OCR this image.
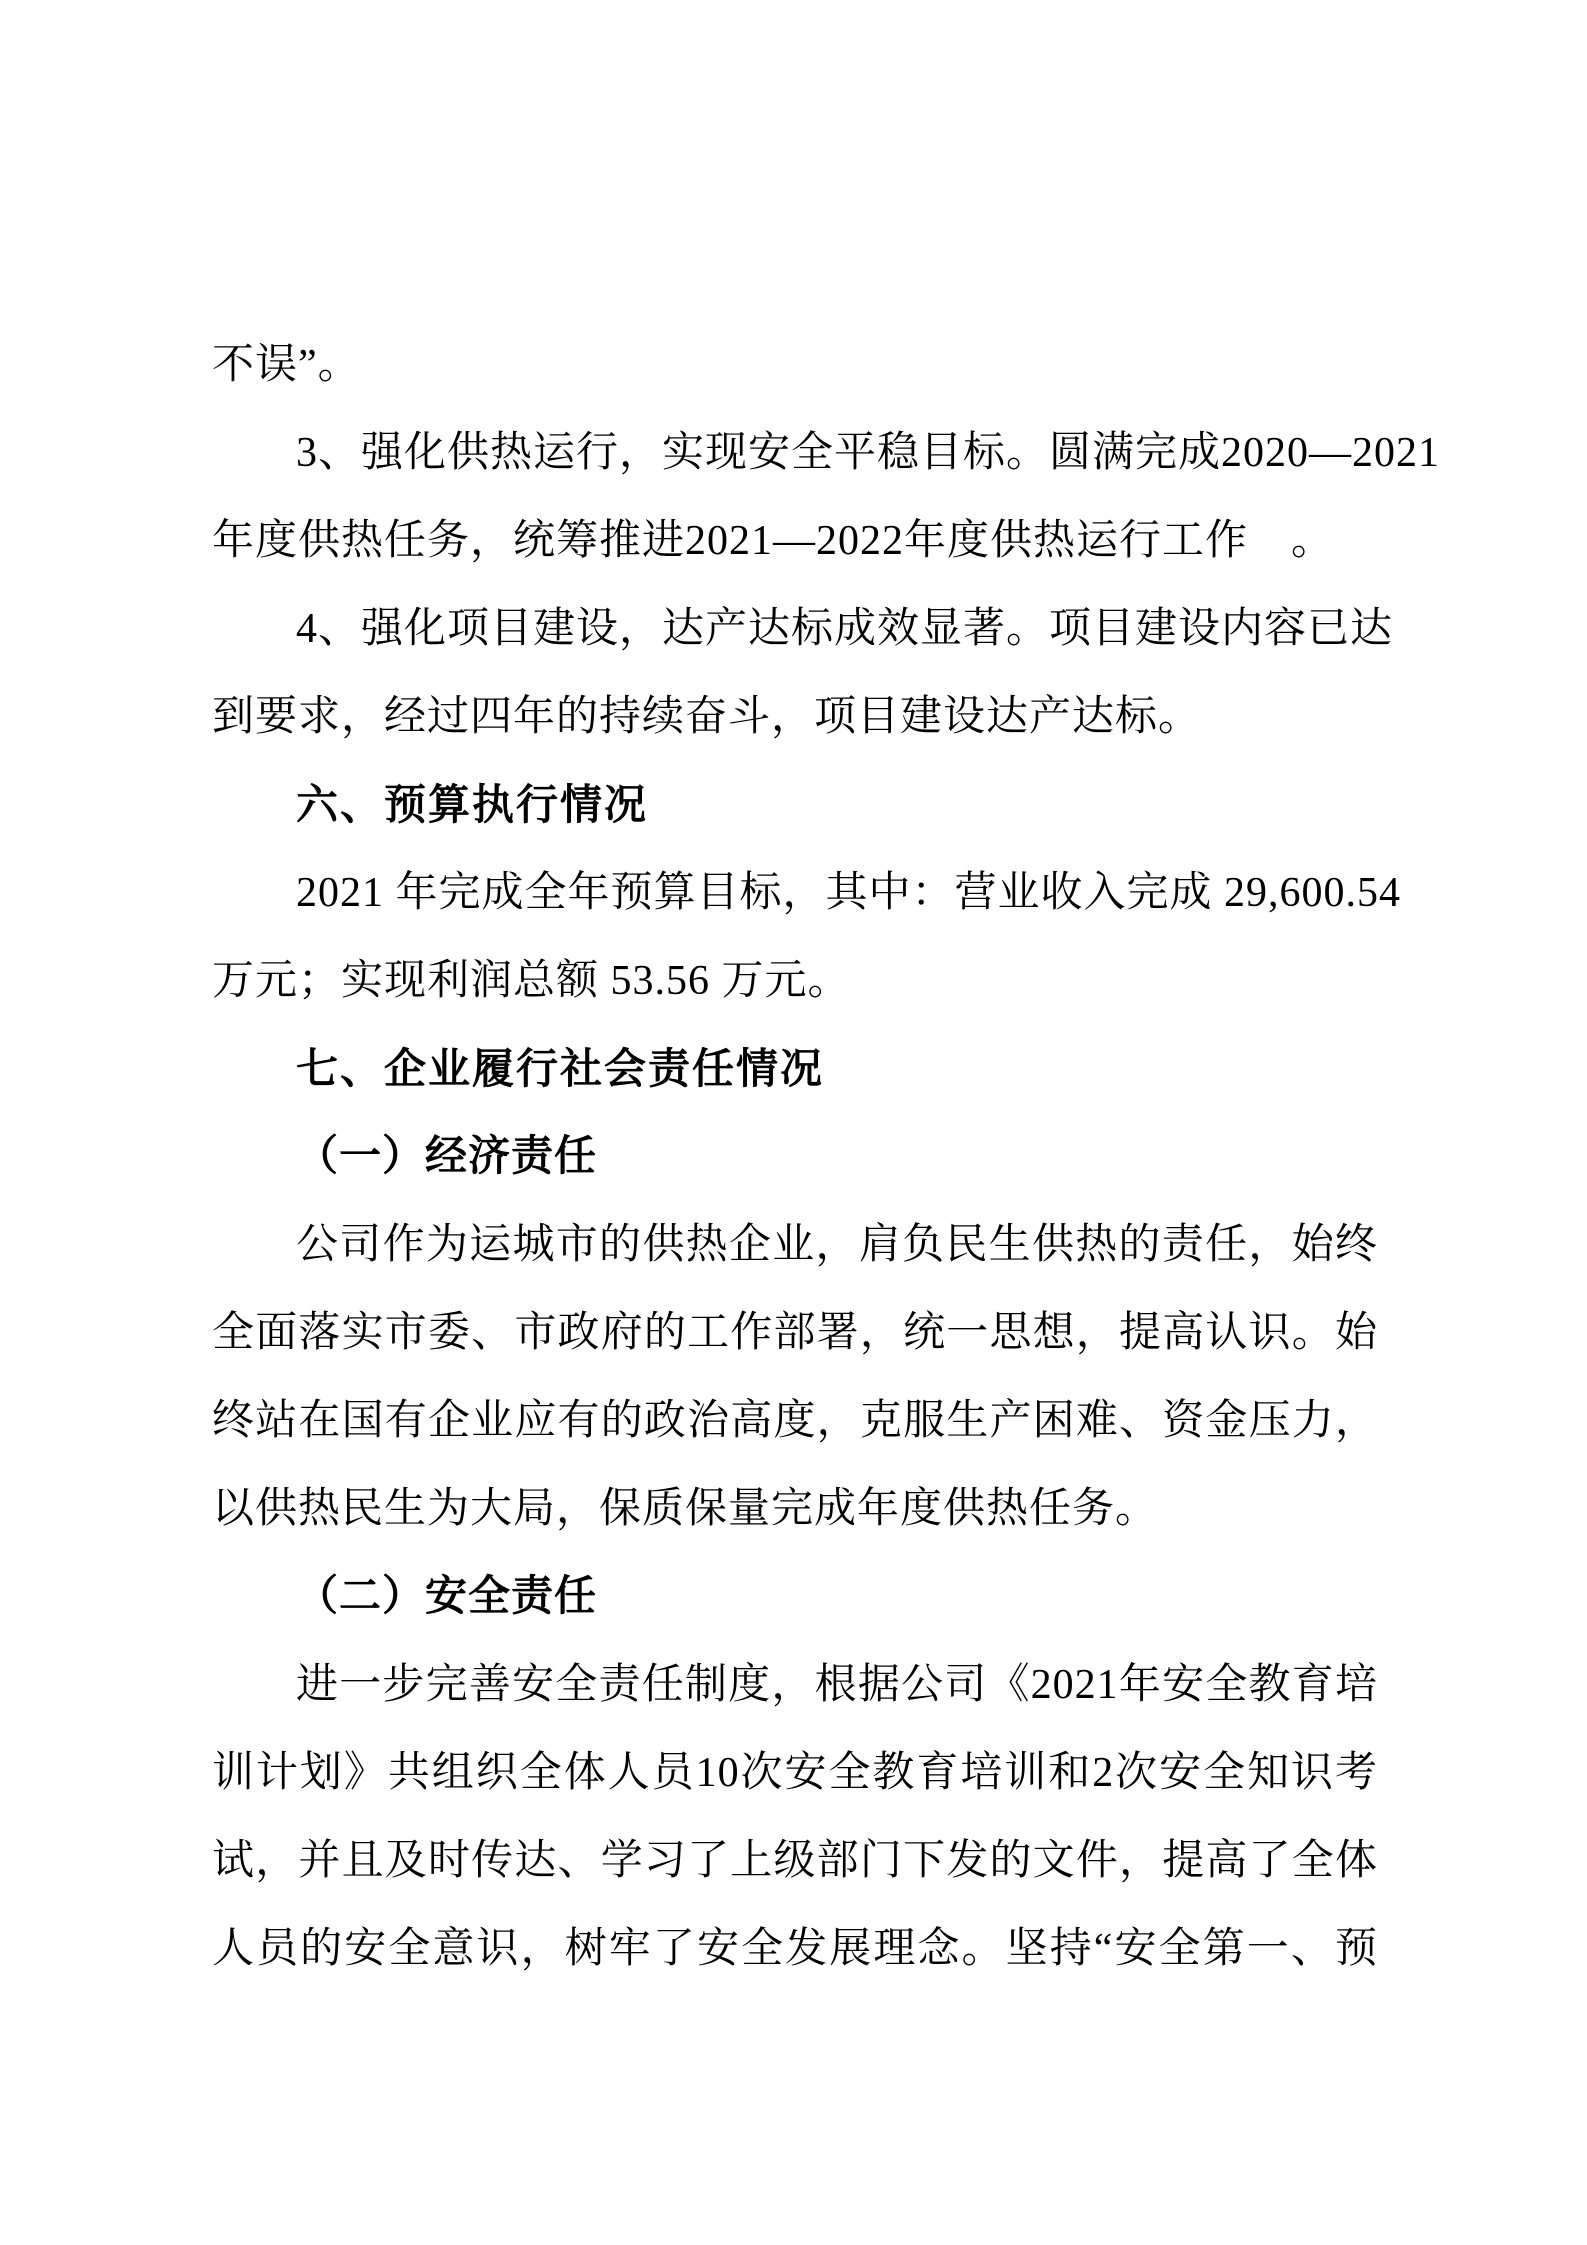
不误”。
3、强化供热运行，实现安全平稳目标。圆满完成2020—2021
年度供热任务，统筹推进2021—2022年度供热运行工作　。
4、强化项目建设，达产达标成效显著。项目建设内容已达
到要求，经过四年的持续奋斗，项目建设达产达标。
六、预算执行情况
2021 年完成全年预算目标，其中：营业收入完成 29,600.54
万元；实现利润总额 53.56 万元。
七、企业履行社会责任情况
（一）经济责任
公司作为运城市的供热企业，肩负民生供热的责任，始终
全面落实市委、市政府的工作部署，统一思想，提高认识。始
终站在国有企业应有的政治高度，克服生产困难、资金压力，
以供热民生为大局，保质保量完成年度供热任务。
（二）安全责任
进一步完善安全责任制度，根据公司《2021年安全教育培
训计划》共组织全体人员10次安全教育培训和2次安全知识考
试，并且及时传达、学习了上级部门下发的文件，提高了全体
人员的安全意识，树牢了安全发展理念。坚持“安全第一、预
